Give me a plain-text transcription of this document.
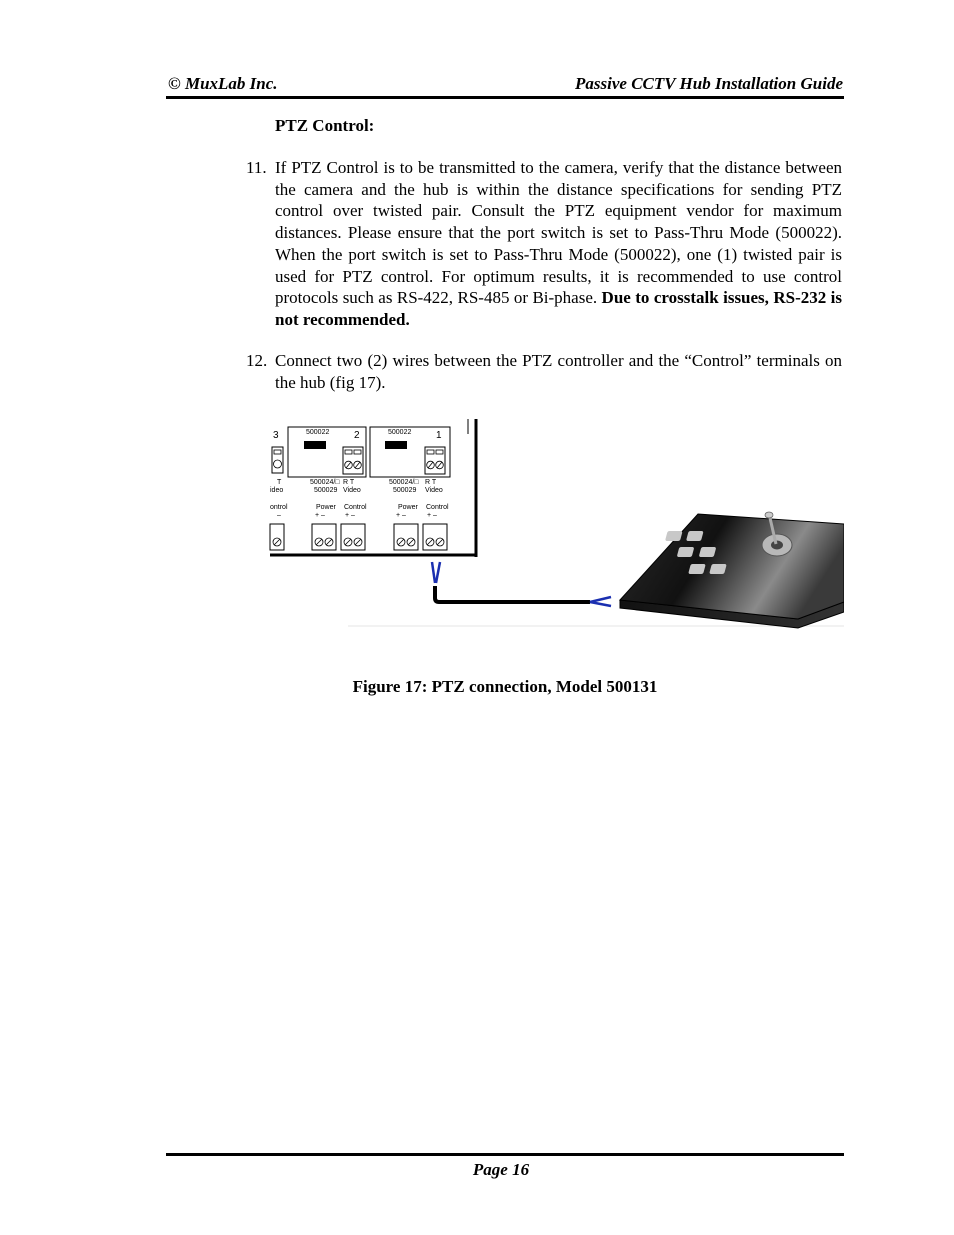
© MuxLab Inc.	Passive CCTV Hub Installation Guide
PTZ Control:
11. If PTZ Control is to be transmitted to the camera, verify that the distance between the camera and the hub is within the distance specifications for sending PTZ control over twisted pair. Consult the PTZ equipment vendor for maximum distances. Please ensure that the port switch is set to Pass-Thru Mode (500022). When the port switch is set to Pass-Thru Mode (500022), one (1) twisted pair is used for PTZ control. For optimum results, it is recommended to use control protocols such as RS-422, RS-485 or Bi-phase. Due to crosstalk issues, RS-232 is not recommended.
12. Connect two (2) wires between the PTZ controller and the “Control” terminals on the hub (fig 17).
3
T
ideo
ontrol
–
500022 2
500024/□ R T
500029 Video
Power Control
+ –	+ –
500022 1
500024/□ R T
500029 Video
Power Control
+ –	+ –
Figure 17: PTZ connection, Model 500131
Page 16
